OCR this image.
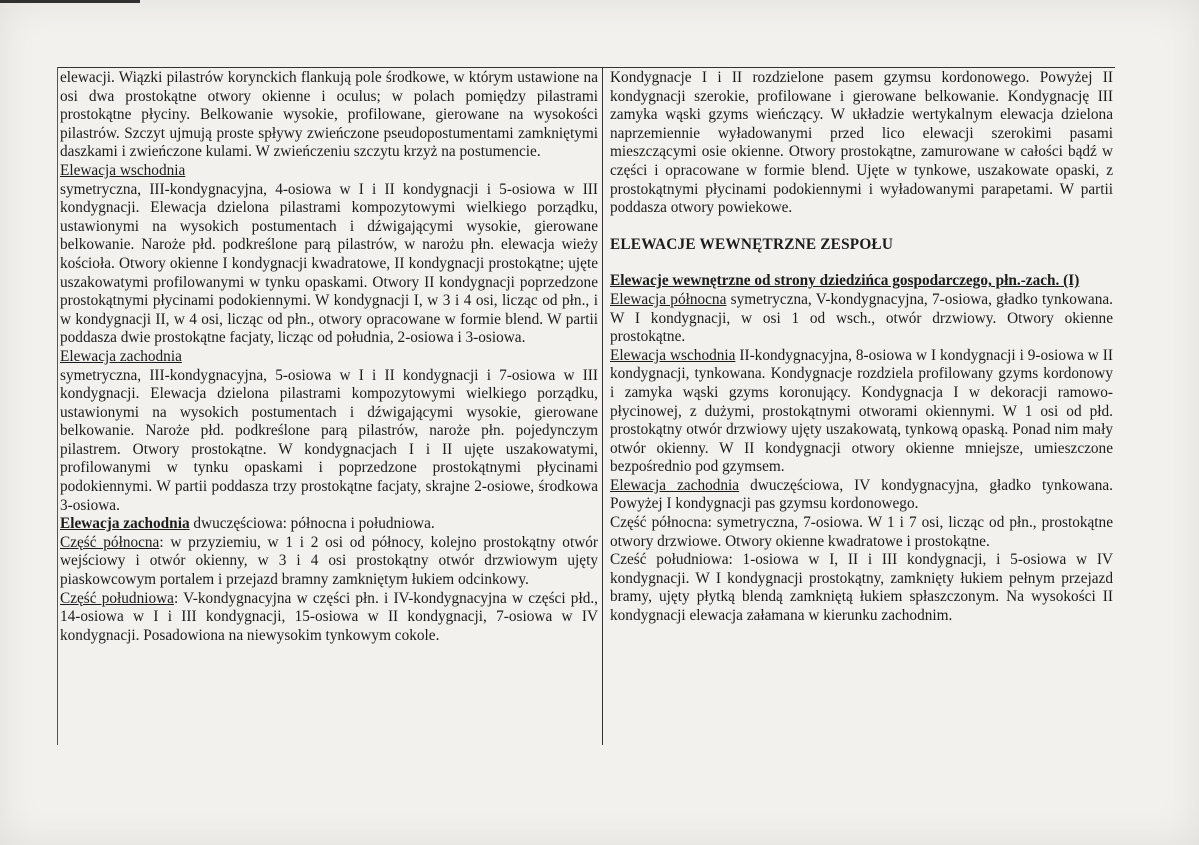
elewacji. Wiązki pilastrów korynckich flankują pole środkowe, w którym ustawione na osi dwa prostokątne otwory okienne i oculus; w polach pomiędzy pilastrami prostokątne płyciny. Belkowanie wysokie, profilowane, gierowane na wysokości pilastrów. Szczyt ujmują proste spływy zwieńczone pseudopostumentami zamkniętymi daszkami i zwieńczone kulami. W zwieńczeniu szczytu krzyż na postumencie.

Elewacja wschodnia

symetryczna, III-kondygnacyjna, 4-osiowa w I i II kondygnacji i 5-osiowa w III kondygnacji. Elewacja dzielona pilastrami kompozytowymi wielkiego porządku, ustawionymi na wysokich postumentach i dźwigającymi wysokie, gierowane belkowanie. Naroże płd. podkreślone parą pilastrów, w narożu płn. elewacja wieży kościoła. Otwory okienne I kondygnacji kwadratowe, II kondygnacji prostokątne; ujęte uszakowatymi profilowanymi w tynku opaskami. Otwory II kondygnacji poprzedzone prostokątnymi płycinami podokiennymi. W kondygnacji I, w 3 i 4 osi, licząc od płn., i w kondygnacji II, w 4 osi, licząc od płn., otwory opracowane w formie blend. W partii poddasza dwie prostokątne facjaty, licząc od południa, 2-osiowa i 3-osiowa.

Elewacja zachodnia

symetryczna, III-kondygnacyjna, 5-osiowa w I i II kondygnacji i 7-osiowa w III kondygnacji. Elewacja dzielona pilastrami kompozytowymi wielkiego porządku, ustawionymi na wysokich postumentach i dźwigającymi wysokie, gierowane belkowanie. Naroże płd. podkreślone parą pilastrów, naroże płn. pojedynczym pilastrem. Otwory prostokątne. W kondygnacjach I i II ujęte uszakowatymi, profilowanymi w tynku opaskami i poprzedzone prostokątnymi płycinami podokiennymi. W partii poddasza trzy prostokątne facjaty, skrajne 2-osiowe, środkowa 3-osiowa.

Elewacja zachodnia dwuczęściowa: północna i południowa.

Część północna: w przyziemiu, w 1 i 2 osi od północy, kolejno prostokątny otwór wejściowy i otwór okienny, w 3 i 4 osi prostokątny otwór drzwiowym ujęty piaskowcowym portalem i przejazd bramny zamkniętym łukiem odcinkowy.

Część południowa: V-kondygnacyjna w części płn. i IV-kondygnacyjna w części płd., 14-osiowa w I i III kondygnacji, 15-osiowa w II kondygnacji, 7-osiowa w IV kondygnacji. Posadowiona na niewysokim tynkowym cokole.

Kondygnacje I i II rozdzielone pasem gzymsu kordonowego. Powyżej II kondygnacji szerokie, profilowane i gierowane belkowanie. Kondygnację III zamyka wąski gzyms wieńczący. W układzie wertykalnym elewacja dzielona naprzemiennie wyładowanymi przed lico elewacji szerokimi pasami mieszczącymi osie okienne. Otwory prostokątne, zamurowane w całości bądź w części i opracowane w formie blend. Ujęte w tynkowe, uszakowate opaski, z prostokątnymi płycinami podokiennymi i wyładowanymi parapetami. W partii poddasza otwory powiekowe.

ELEWACJE WEWNĘTRZNE ZESPOŁU

Elewacje wewnętrzne od strony dziedzińca gospodarczego, płn.-zach. (I)

Elewacja północna symetryczna, V-kondygnacyjna, 7-osiowa, gładko tynkowana. W I kondygnacji, w osi 1 od wsch., otwór drzwiowy. Otwory okienne prostokątne.

Elewacja wschodnia II-kondygnacyjna, 8-osiowa w I kondygnacji i 9-osiowa w II kondygnacji, tynkowana. Kondygnacje rozdziela profilowany gzyms kordonowy i zamyka wąski gzyms koronujący. Kondygnacja I w dekoracji ramowo-płycinowej, z dużymi, prostokątnymi otworami okiennymi. W 1 osi od płd. prostokątny otwór drzwiowy ujęty uszakowatą, tynkową opaską. Ponad nim mały otwór okienny. W II kondygnacji otwory okienne mniejsze, umieszczone bezpośrednio pod gzymsem.

Elewacja zachodnia dwuczęściowa, IV kondygnacyjna, gładko tynkowana. Powyżej I kondygnacji pas gzymsu kordonowego.

Część północna: symetryczna, 7-osiowa. W 1 i 7 osi, licząc od płn., prostokątne otwory drzwiowe. Otwory okienne kwadratowe i prostokątne.

Cześć południowa: 1-osiowa w I, II i III kondygnacji, i 5-osiowa w IV kondygnacji. W I kondygnacji prostokątny, zamknięty łukiem pełnym przejazd bramy, ujęty płytką blendą zamkniętą łukiem spłaszczonym. Na wysokości II kondygnacji elewacja załamana w kierunku zachodnim.
